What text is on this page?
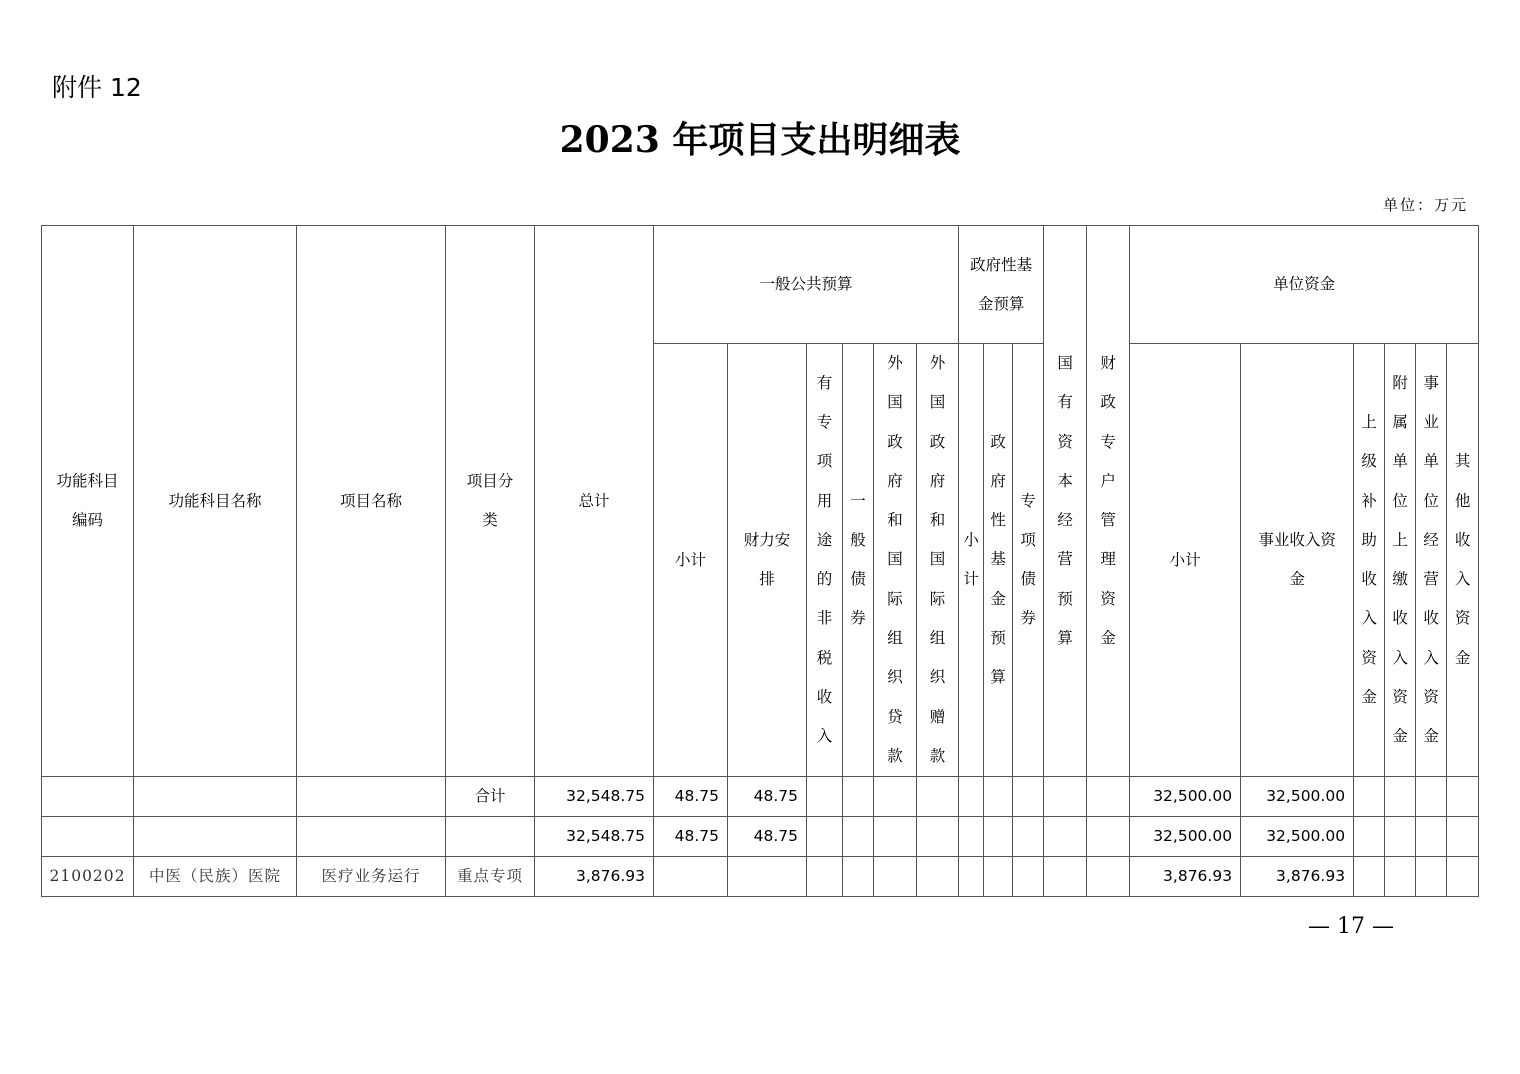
附件 12
2023 年项目支出明细表
单位：万元
功能科目编码	功能科目名称	项目名称	项目分类	总计	一般公共预算						政府性基金预算			国有资本经营预算	财政专户管理资金	单位资金					
					小计	财力安排	有专项用途的非税收入	一般债券	外国政府和国际组织贷款	外国政府和国际组织赠款	小计	政府性基金预算	专项债券			小计	事业收入资金	上级补助收入资金	附属单位上缴收入资金	事业单位经营收入资金	其他收入资金
			合计	32,548.75	48.75	48.75										32,500.00	32,500.00				
				32,548.75	48.75	48.75										32,500.00	32,500.00				
2100202	中医（民族）医院	医疗业务运行	重点专项	3,876.93												3,876.93	3,876.93				
— 17 —
